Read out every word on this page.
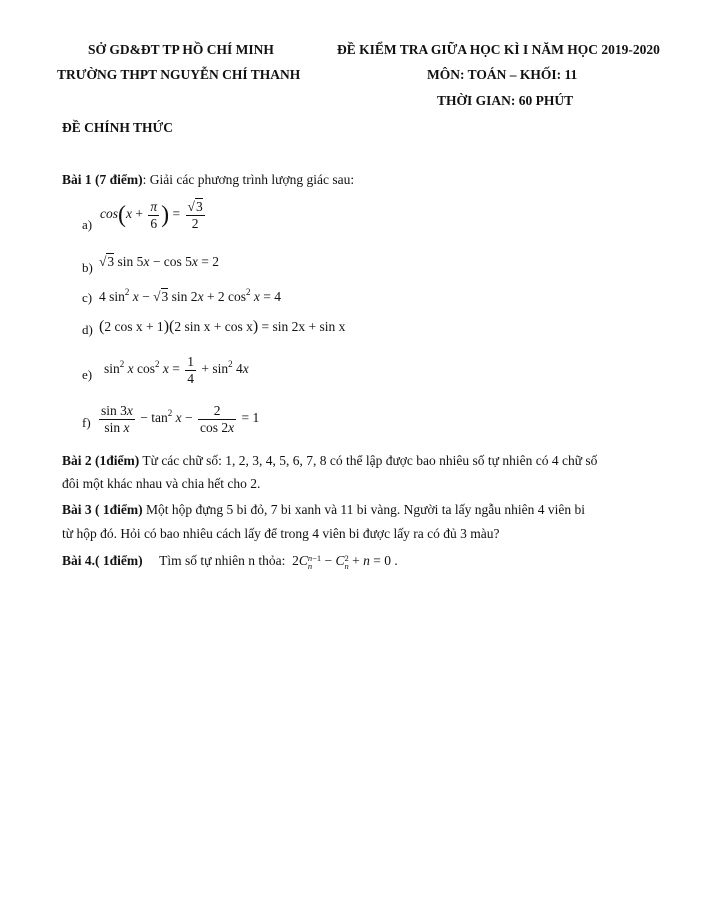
SỞ GD&ĐT TP HỒ CHÍ MINH
TRƯỜNG THPT NGUYỄN CHÍ THANH
ĐỀ KIỂM TRA GIỮA HỌC KÌ I NĂM HỌC 2019-2020
MÔN: TOÁN – KHỐI: 11
THỜI GIAN: 60 PHÚT
ĐỀ CHÍNH THỨC
Bài 1 (7 điểm): Giải các phương trình lượng giác sau:
a)
$\cos(x + \frac{\pi}{6}$ ) = $\frac{√3}{2}$
b) √3 sin 5x − cos 5x = 2
c) 4 $\sin^2 x - √3$ sin 2x + 2 $\cos^2 x = 4$
d) (2 cos x + 1)(2 sin x + cos x) = sin 2x + sin x
e) $\sin^2 x$ $\cos^2 x = \frac{1}{4} + \sin^2 4x$
$f) \frac{\sin 3x}{\text{sin x}} - \tan^2 x - \frac{2}{\cos 2x} = 1$
Bài 2 (1điểm) Từ các chữ số: 1, 2, 3, 4, 5, 6, 7, 8 có thể lập được bao nhiêu số tự nhiên có 4 chữ số
đôi một khác nhau và chia hết cho 2.
Bài 3 ( 1điểm) Một hộp đựng 5 bi đỏ, 7 bi xanh và 11 bi vàng. Người ta lấy ngẫu nhiên 4 viên bi
từ hộp đó. Hỏi có bao nhiêu cách lấy để trong 4 viên bi được lấy ra có đủ 3 màu?
Bài 4.( 1điểm) Tìm số tự nhiên n thỏa:  2C n−1
n − C 2
n + n = 0 .
